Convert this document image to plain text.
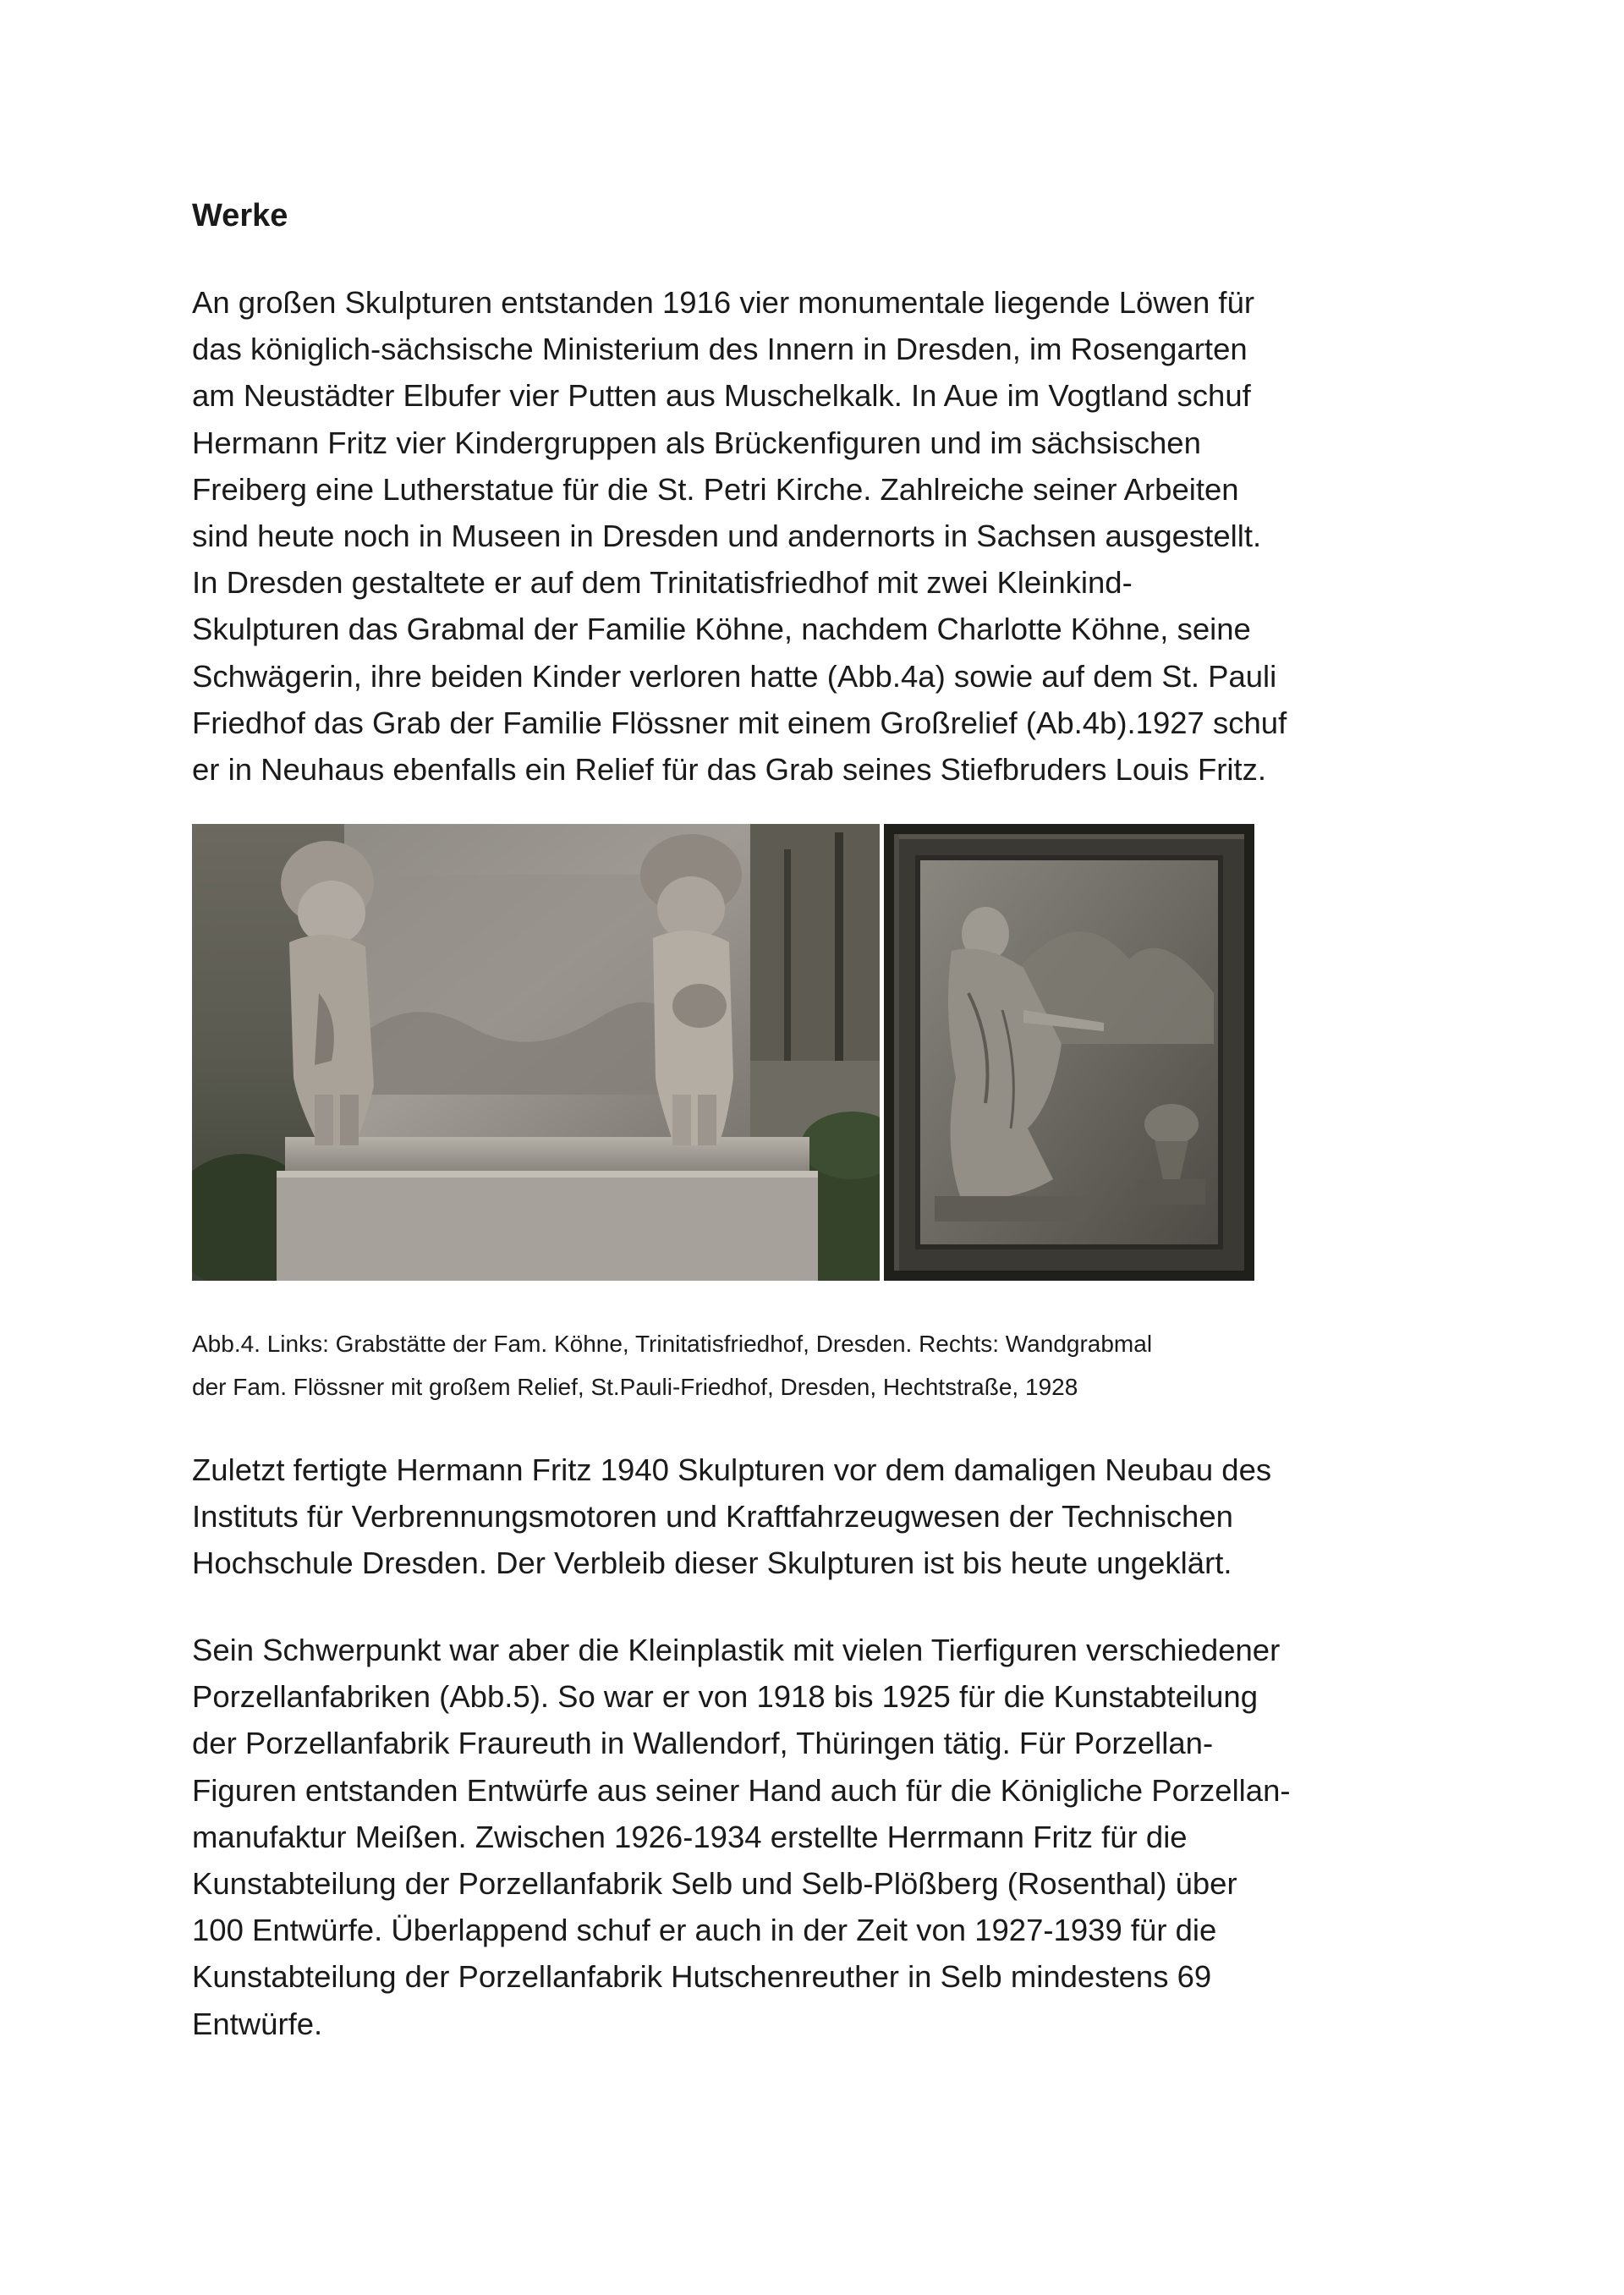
Werke
An großen Skulpturen entstanden 1916 vier monumentale liegende Löwen für
das königlich-sächsische Ministerium des Innern in Dresden, im Rosengarten
am Neustädter Elbufer vier Putten aus Muschelkalk. In Aue im Vogtland schuf
Hermann Fritz vier Kindergruppen als Brückenfiguren und im sächsischen
Freiberg eine Lutherstatue für die St. Petri Kirche. Zahlreiche seiner Arbeiten
sind heute noch in Museen in Dresden und andernorts in Sachsen ausgestellt.
In Dresden gestaltete er auf dem Trinitatisfriedhof mit zwei Kleinkind-
Skulpturen das Grabmal der Familie Köhne, nachdem Charlotte Köhne, seine
Schwägerin, ihre beiden Kinder verloren hatte (Abb.4a) sowie auf dem St. Pauli
Friedhof das Grab der Familie Flössner mit einem Großrelief (Ab.4b).1927 schuf
er in Neuhaus ebenfalls ein Relief für das Grab seines Stiefbruders Louis Fritz.
Abb.4. Links: Grabstätte der Fam. Köhne, Trinitatisfriedhof, Dresden. Rechts: Wandgrabmal
der Fam. Flössner mit großem Relief, St.Pauli-Friedhof, Dresden, Hechtstraße, 1928
Zuletzt fertigte Hermann Fritz 1940 Skulpturen vor dem damaligen Neubau des
Instituts für Verbrennungsmotoren und Kraftfahrzeugwesen der Technischen
Hochschule Dresden. Der Verbleib dieser Skulpturen ist bis heute ungeklärt.
Sein Schwerpunkt war aber die Kleinplastik mit vielen Tierfiguren verschiedener
Porzellanfabriken (Abb.5). So war er von 1918 bis 1925 für die Kunstabteilung
der Porzellanfabrik Fraureuth in Wallendorf, Thüringen tätig. Für Porzellan-
Figuren entstanden Entwürfe aus seiner Hand auch für die Königliche Porzellan-
manufaktur Meißen. Zwischen 1926-1934 erstellte Herrmann Fritz für die
Kunstabteilung der Porzellanfabrik Selb und Selb-Plößberg (Rosenthal) über
100 Entwürfe. Überlappend schuf er auch in der Zeit von 1927-1939 für die
Kunstabteilung der Porzellanfabrik Hutschenreuther in Selb mindestens 69
Entwürfe.
